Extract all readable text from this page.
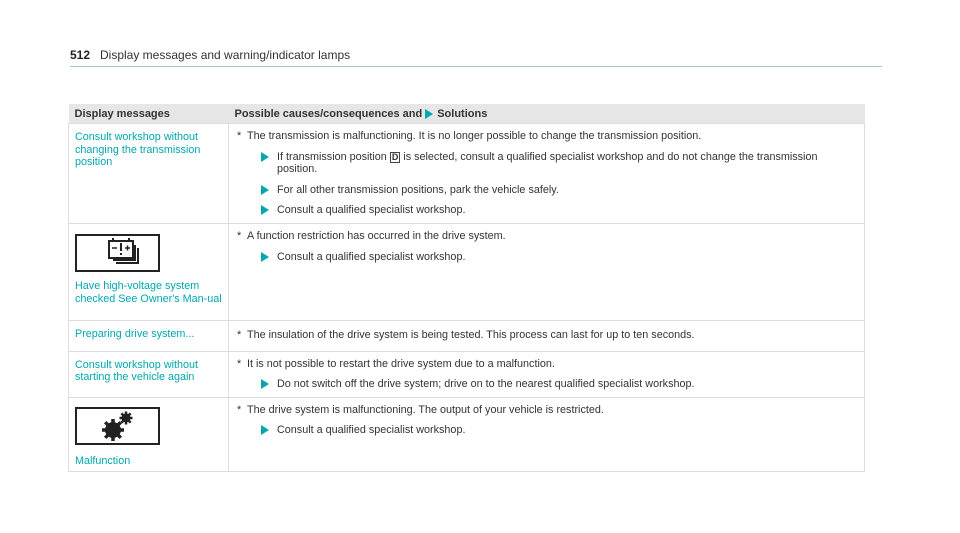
512 Display messages and warning/indicator lamps
Display messages	Possible causes/consequences and Solutions

Consult workshop without changing the transmission position	* The transmission is malfunctioning. It is no longer possible to change the transmission position.
If transmission position D is selected, consult a qualified specialist workshop and do not change the transmission position.
For all other transmission positions, park the vehicle safely.
Consult a qualified specialist workshop.

Have high-voltage system checked See Owner's Man-ual	* A function restriction has occurred in the drive system.
Consult a qualified specialist workshop.

Preparing drive system...	* The insulation of the drive system is being tested. This process can last for up to ten seconds.

Consult workshop without starting the vehicle again	* It is not possible to restart the drive system due to a malfunction.
Do not switch off the drive system; drive on to the nearest qualified specialist workshop.

Malfunction	* The drive system is malfunctioning. The output of your vehicle is restricted.
Consult a qualified specialist workshop.
